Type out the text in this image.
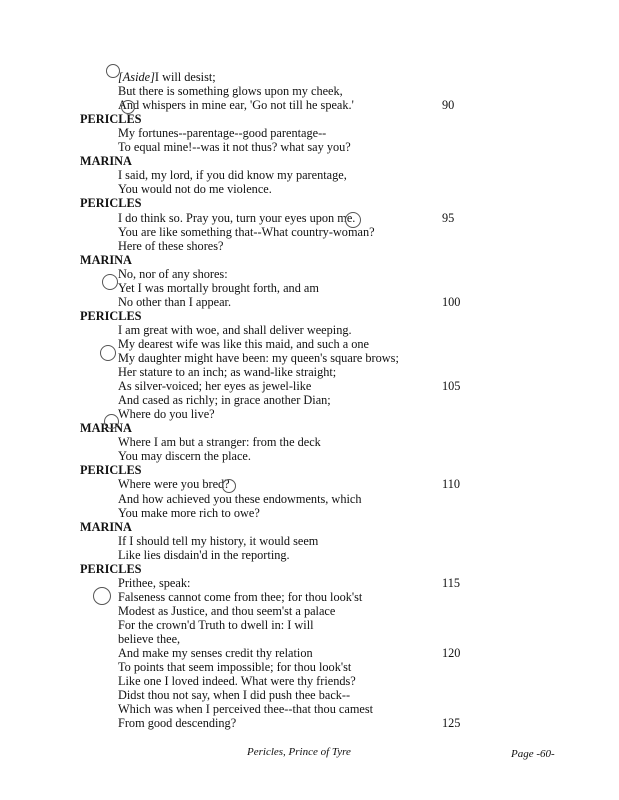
[Aside]I will desist;
But there is something glows upon my cheek,
And whispers in mine ear, 'Go not till he speak.'	90
PERICLES
My fortunes--parentage--good parentage--
To equal mine!--was it not thus? what say you?
MARINA
I said, my lord, if you did know my parentage,
You would not do me violence.
PERICLES
I do think so. Pray you, turn your eyes upon me.	95
You are like something that--What country-woman?
Here of these shores?
MARINA
No, nor of any shores:
Yet I was mortally brought forth, and am
No other than I appear.	100
PERICLES
I am great with woe, and shall deliver weeping.
My dearest wife was like this maid, and such a one
My daughter might have been: my queen's square brows;
Her stature to an inch; as wand-like straight;
As silver-voiced; her eyes as jewel-like	105
And cased as richly; in grace another Dian;
Where do you live?
MARINA
Where I am but a stranger: from the deck
You may discern the place.
PERICLES
Where were you bred?	110
And how achieved you these endowments, which
You make more rich to owe?
MARINA
If I should tell my history, it would seem
Like lies disdain'd in the reporting.
PERICLES
Prithee, speak:	115
Falseness cannot come from thee; for thou look'st
Modest as Justice, and thou seem'st a palace
For the crown'd Truth to dwell in: I will
believe thee,
And make my senses credit thy relation	120
To points that seem impossible; for thou look'st
Like one I loved indeed. What were thy friends?
Didst thou not say, when I did push thee back--
Which was when I perceived thee--that thou camest
From good descending?	125
Pericles, Prince of Tyre	Page -60-
